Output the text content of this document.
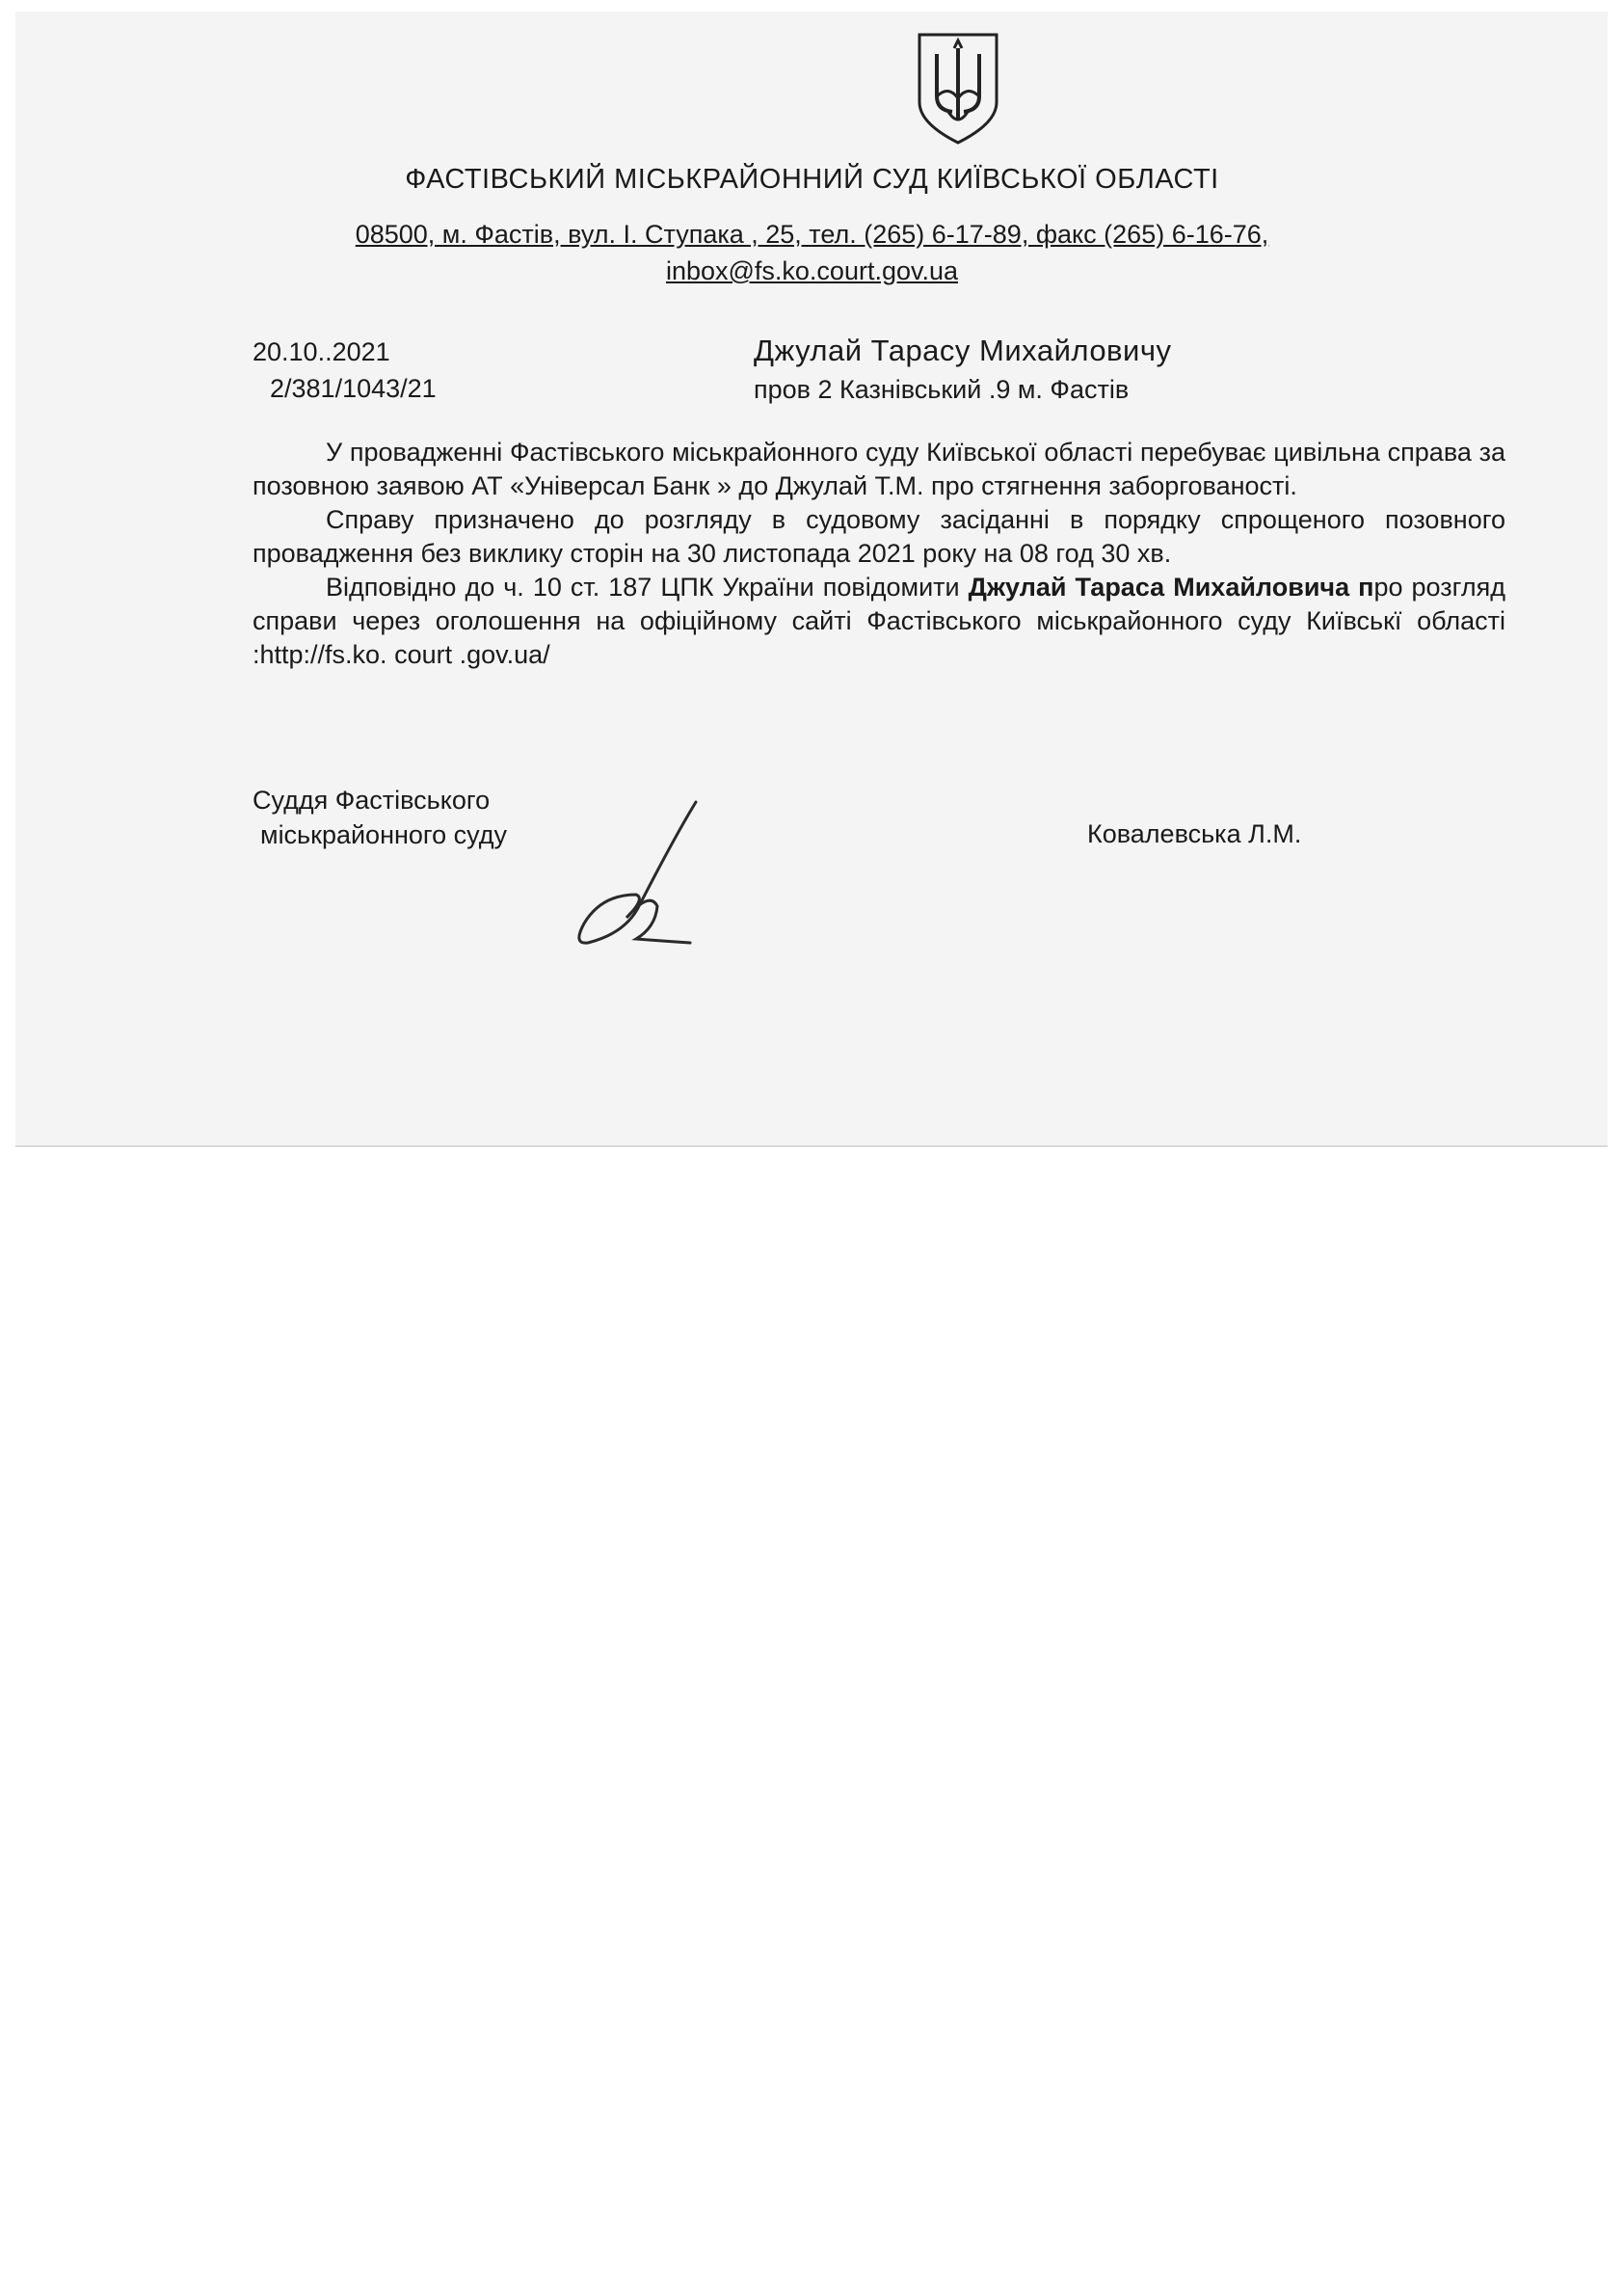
ФАСТІВСЬКИЙ МІСЬКРАЙОННИЙ СУД КИЇВСЬКОЇ ОБЛАСТІ
08500, м. Фастів, вул. І. Ступака , 25, тел. (265) 6-17-89, факс (265) 6-16-76,
inbox@fs.ko.court.gov.ua
20.10..2021
2/381/1043/21
Джулай Тарасу Михайловичу
пров 2 Казнівський .9 м. Фастів

У провадженні Фастівського міськрайонного суду Київської області перебуває цивільна справа за позовною заявою АТ «Універсал Банк » до Джулай Т.М. про стягнення заборгованості.

Справу призначено до розгляду в судовому засіданні в порядку спрощеного позовного провадження без виклику сторін на 30 листопада 2021 року на 08 год 30 хв.

Відповідно до ч. 10 ст. 187 ЦПК України повідомити Джулай Тараса Михайловича про розгляд справи через оголошення на офіційному сайті Фастівського міськрайонного суду Київськї області :http://fs.ko. court .gov.ua/

Суддя Фастівського
міськрайонного суду	Ковалевська Л.М.
